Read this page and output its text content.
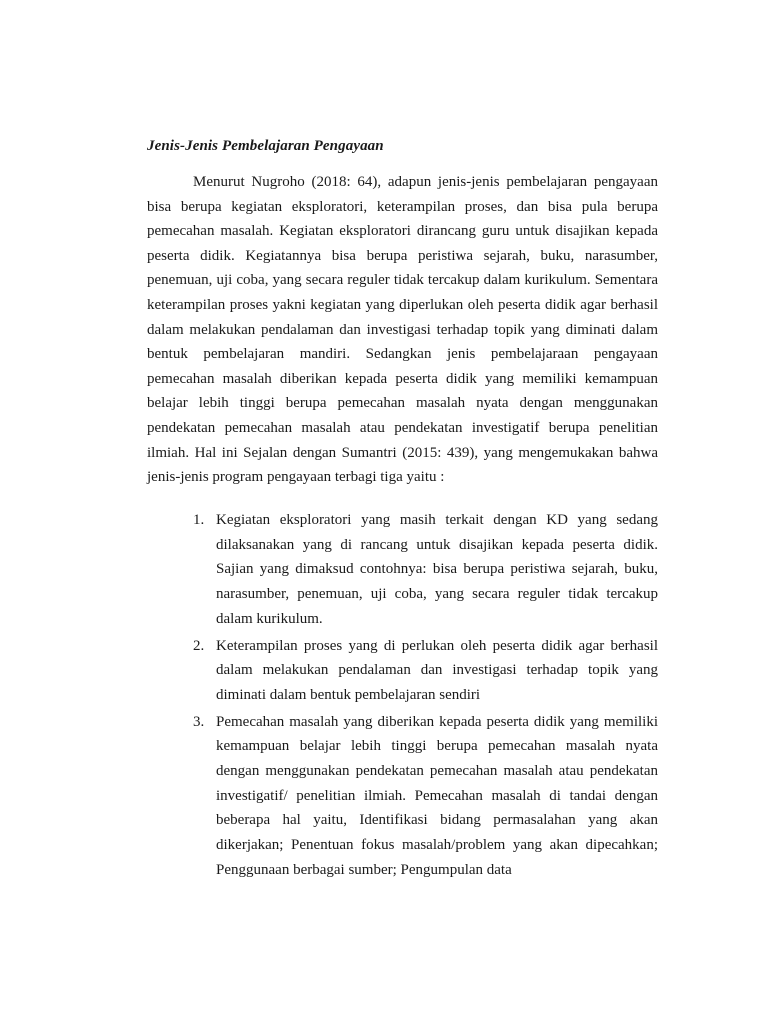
Jenis-Jenis Pembelajaran Pengayaan

Menurut Nugroho (2018: 64), adapun jenis-jenis pembelajaran pengayaan bisa berupa kegiatan eksploratori, keterampilan proses, dan bisa pula berupa pemecahan masalah. Kegiatan eksploratori dirancang guru untuk disajikan kepada peserta didik. Kegiatannya bisa berupa peristiwa sejarah, buku, narasumber, penemuan, uji coba, yang secara reguler tidak tercakup dalam kurikulum. Sementara keterampilan proses yakni kegiatan yang diperlukan oleh peserta didik agar berhasil dalam melakukan pendalaman dan investigasi terhadap topik yang diminati dalam bentuk pembelajaran mandiri. Sedangkan jenis pembelajaraan pengayaan pemecahan masalah diberikan kepada peserta didik yang memiliki kemampuan belajar lebih tinggi berupa pemecahan masalah nyata dengan menggunakan pendekatan pemecahan masalah atau pendekatan investigatif berupa penelitian ilmiah. Hal ini Sejalan dengan Sumantri (2015: 439), yang mengemukakan bahwa jenis-jenis program pengayaan terbagi tiga yaitu :

1. Kegiatan eksploratori yang masih terkait dengan KD yang sedang dilaksanakan yang di rancang untuk disajikan kepada peserta didik. Sajian yang dimaksud contohnya: bisa berupa peristiwa sejarah, buku, narasumber, penemuan, uji coba, yang secara reguler tidak tercakup dalam kurikulum.
2. Keterampilan proses yang di perlukan oleh peserta didik agar berhasil dalam melakukan pendalaman dan investigasi terhadap topik yang diminati dalam bentuk pembelajaran sendiri
3. Pemecahan masalah yang diberikan kepada peserta didik yang memiliki kemampuan belajar lebih tinggi berupa pemecahan masalah nyata dengan menggunakan pendekatan pemecahan masalah atau pendekatan investigatif/ penelitian ilmiah. Pemecahan masalah di tandai dengan beberapa hal yaitu, Identifikasi bidang permasalahan yang akan dikerjakan; Penentuan fokus masalah/problem yang akan dipecahkan; Penggunaan berbagai sumber; Pengumpulan data
